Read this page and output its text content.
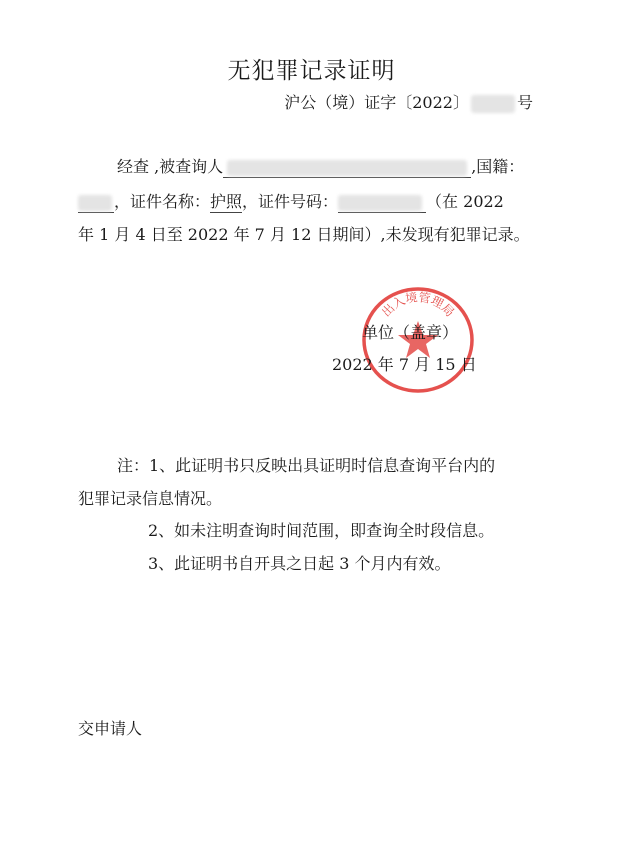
无犯罪记录证明
沪公（境）证字〔2022〕	号
经查 ,被查询人	,国籍：
，证件名称：护照，证件号码：	（在 2022
年 1 月 4 日至 2022 年 7 月 12 日期间）,未发现有犯罪记录。
出入境管理局
单位（盖章）
2022 年 7 月 15 日
注：1、此证明书只反映出具证明时信息查询平台内的
犯罪记录信息情况。
2、如未注明查询时间范围，即查询全时段信息。
3、此证明书自开具之日起 3 个月内有效。
交申请人
